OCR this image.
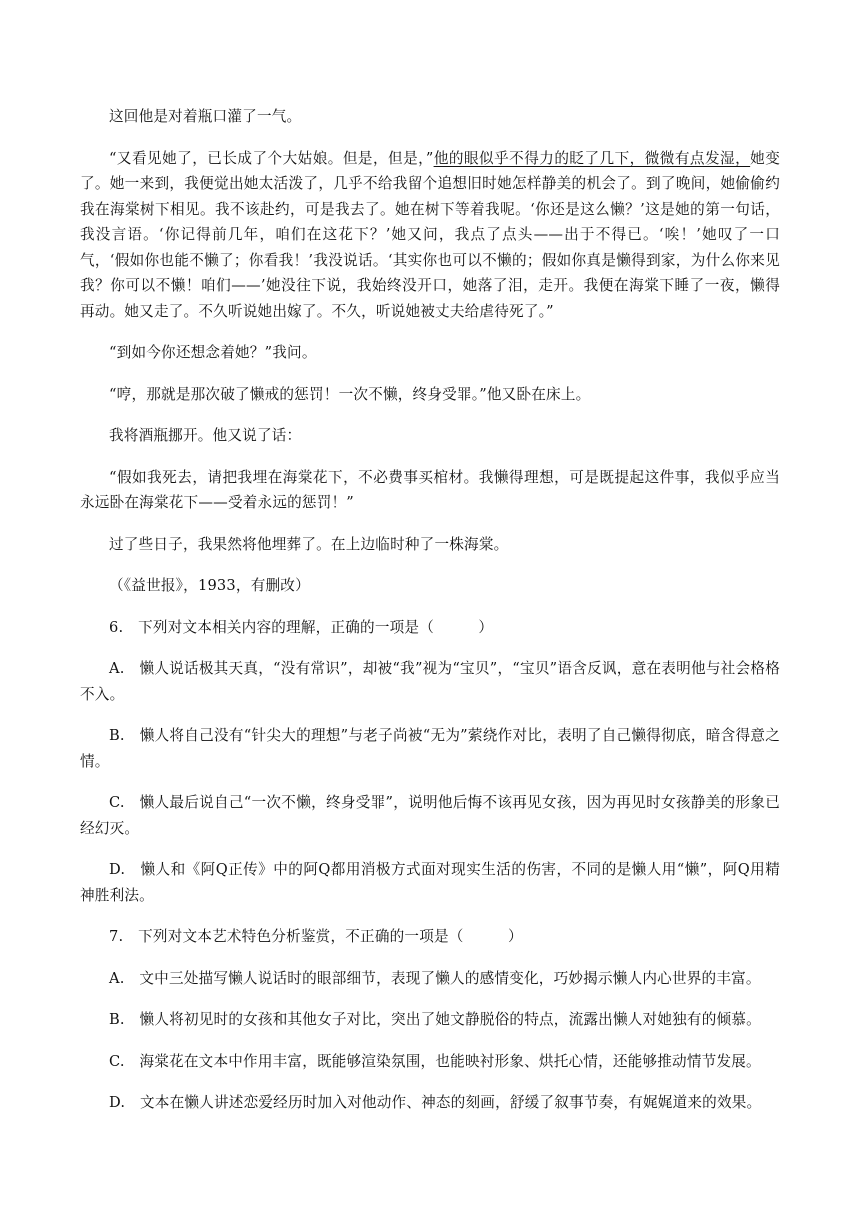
这回他是对着瓶口灌了一气。

“又看见她了，已长成了个大姑娘。但是，但是，”他的眼似乎不得力的眨了几下，微微有点发湿，她变了。她一来到，我便觉出她太活泼了，几乎不给我留个追想旧时她怎样静美的机会了。到了晚间，她偷偷约我在海棠树下相见。我不该赴约，可是我去了。她在树下等着我呢。‘你还是这么懒？’这是她的第一句话，我没言语。‘你记得前几年，咱们在这花下？’她又问，我点了点头——出于不得已。‘唉！’她叹了一口气，‘假如你也能不懒了；你看我！’我没说话。‘其实你也可以不懒的；假如你真是懒得到家，为什么你来见我？你可以不懒！咱们——’她没往下说，我始终没开口，她落了泪，走开。我便在海棠下睡了一夜，懒得再动。她又走了。不久听说她出嫁了。不久，听说她被丈夫给虐待死了。”

“到如今你还想念着她？”我问。

“哼，那就是那次破了懒戒的惩罚！一次不懒，终身受罪。”他又卧在床上。

我将酒瓶挪开。他又说了话：

“假如我死去，请把我埋在海棠花下，不必费事买棺材。我懒得理想，可是既提起这件事，我似乎应当永远卧在海棠花下——受着永远的惩罚！”

过了些日子，我果然将他埋葬了。在上边临时种了一株海棠。

（《益世报》，1933，有删改）

6.　下列对文本相关内容的理解，正确的一项是（　　　）

A.　懒人说话极其天真，“没有常识”，却被“我”视为“宝贝”，“宝贝”语含反讽，意在表明他与社会格格不入。

B.　懒人将自己没有“针尖大的理想”与老子尚被“无为”萦绕作对比，表明了自己懒得彻底，暗含得意之情。

C.　懒人最后说自己“一次不懒，终身受罪”，说明他后悔不该再见女孩，因为再见时女孩静美的形象已经幻灭。

D.　懒人和《阿Q正传》中的阿Q都用消极方式面对现实生活的伤害，不同的是懒人用“懒”，阿Q用精神胜利法。

7.　下列对文本艺术特色分析鉴赏，不正确的一项是（　　　）

A.　文中三处描写懒人说话时的眼部细节，表现了懒人的感情变化，巧妙揭示懒人内心世界的丰富。

B.　懒人将初见时的女孩和其他女子对比，突出了她文静脱俗的特点，流露出懒人对她独有的倾慕。

C.　海棠花在文本中作用丰富，既能够渲染氛围，也能映衬形象、烘托心情，还能够推动情节发展。

D.　文本在懒人讲述恋爱经历时加入对他动作、神态的刻画，舒缓了叙事节奏，有娓娓道来的效果。
